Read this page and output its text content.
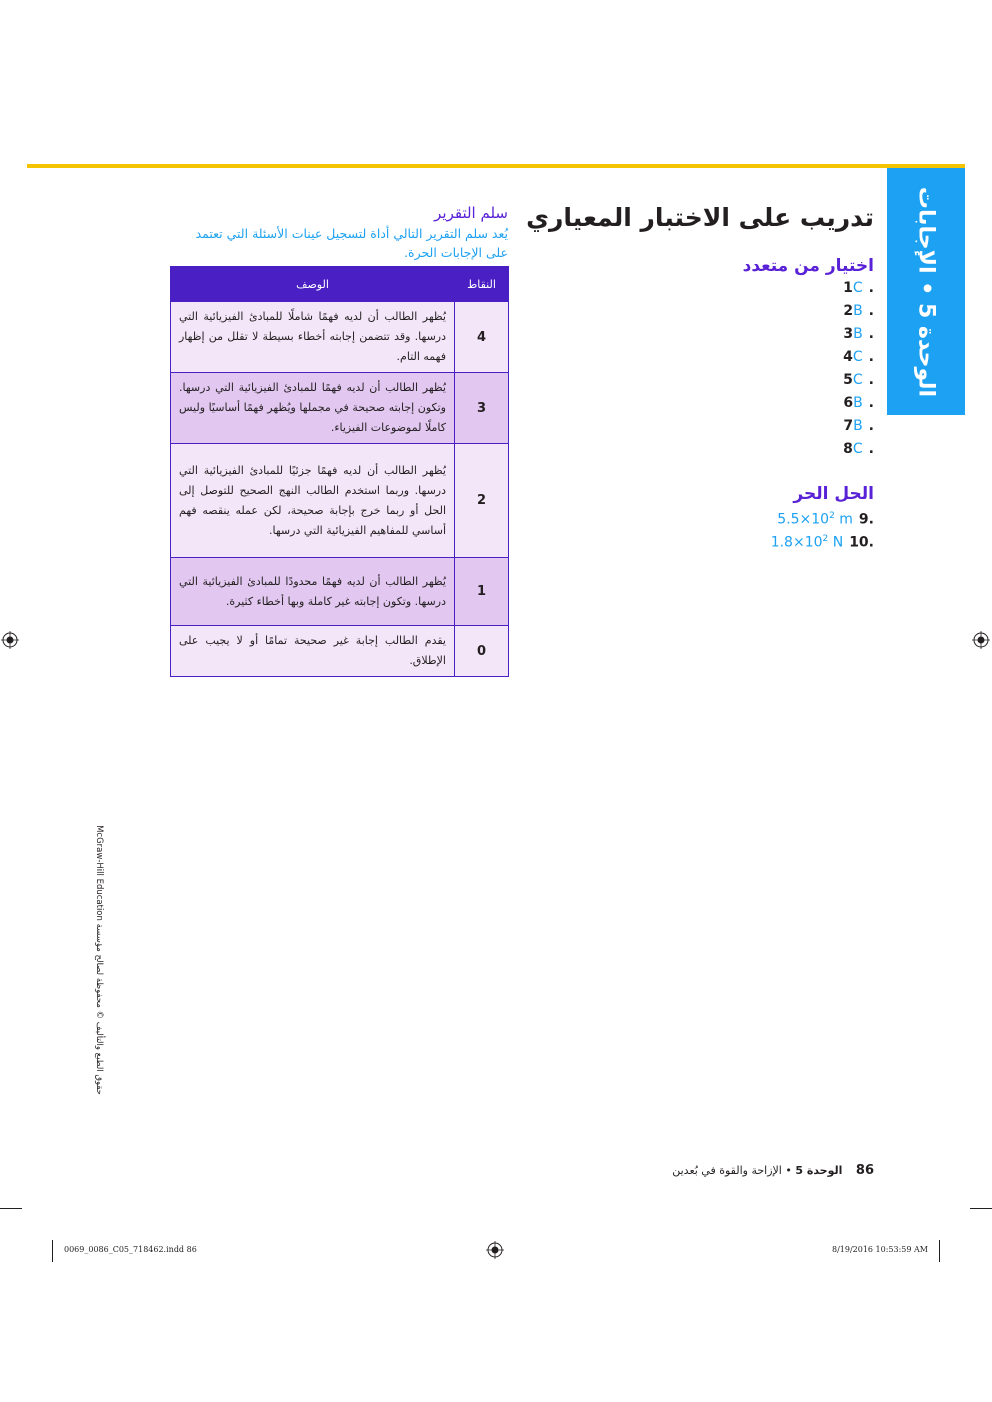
الوحدة 5 • الإجابات
تدريب على الاختبار المعياري
اختيار من متعدد
.1C
.2B
.3B
.4C
.5C
.6B
.7B
.8C
الحل الحر
$.95.5\times 10^2$ m
$.101.8\times 10^2$ N
سلم التقرير
يُعد سلم التقرير التالي أداة لتسجيل عينات الأسئلة التي تعتمد على الإجابات الحرة.
النقاط	الوصف
4	يُظهر الطالب أن لديه فهمًا شاملًا للمبادئ الفيزيائية التي درسها. وقد تتضمن إجابته أخطاء بسيطة لا تقلل من إظهار فهمه التام.
3	يُظهر الطالب أن لديه فهمًا للمبادئ الفيزيائية التي درسها. وتكون إجابته صحيحة في مجملها ويُظهر فهمًا أساسيًا وليس كاملًا لموضوعات الفيزياء.
2	يُظهر الطالب أن لديه فهمًا جزئيًا للمبادئ الفيزيائية التي درسها. وربما استخدم الطالب النهج الصحيح للتوصل إلى الحل أو ربما خرج بإجابة صحيحة، لكن عمله ينقصه فهم أساسي للمفاهيم الفيزيائية التي درسها.
1	يُظهر الطالب أن لديه فهمًا محدودًا للمبادئ الفيزيائية التي درسها. وتكون إجابته غير كاملة وبها أخطاء كثيرة.
0	يقدم الطالب إجابة غير صحيحة تمامًا أو لا يجيب على الإطلاق.
حقوق الطبع والتأليف © محفوظة لصالح مؤسسة McGraw-Hill Education
86 الوحدة 5 • الإزاحة والقوة في بُعدين
0069_0086_C05_718462.indd 86	8/19/2016 10:53:59 AM
